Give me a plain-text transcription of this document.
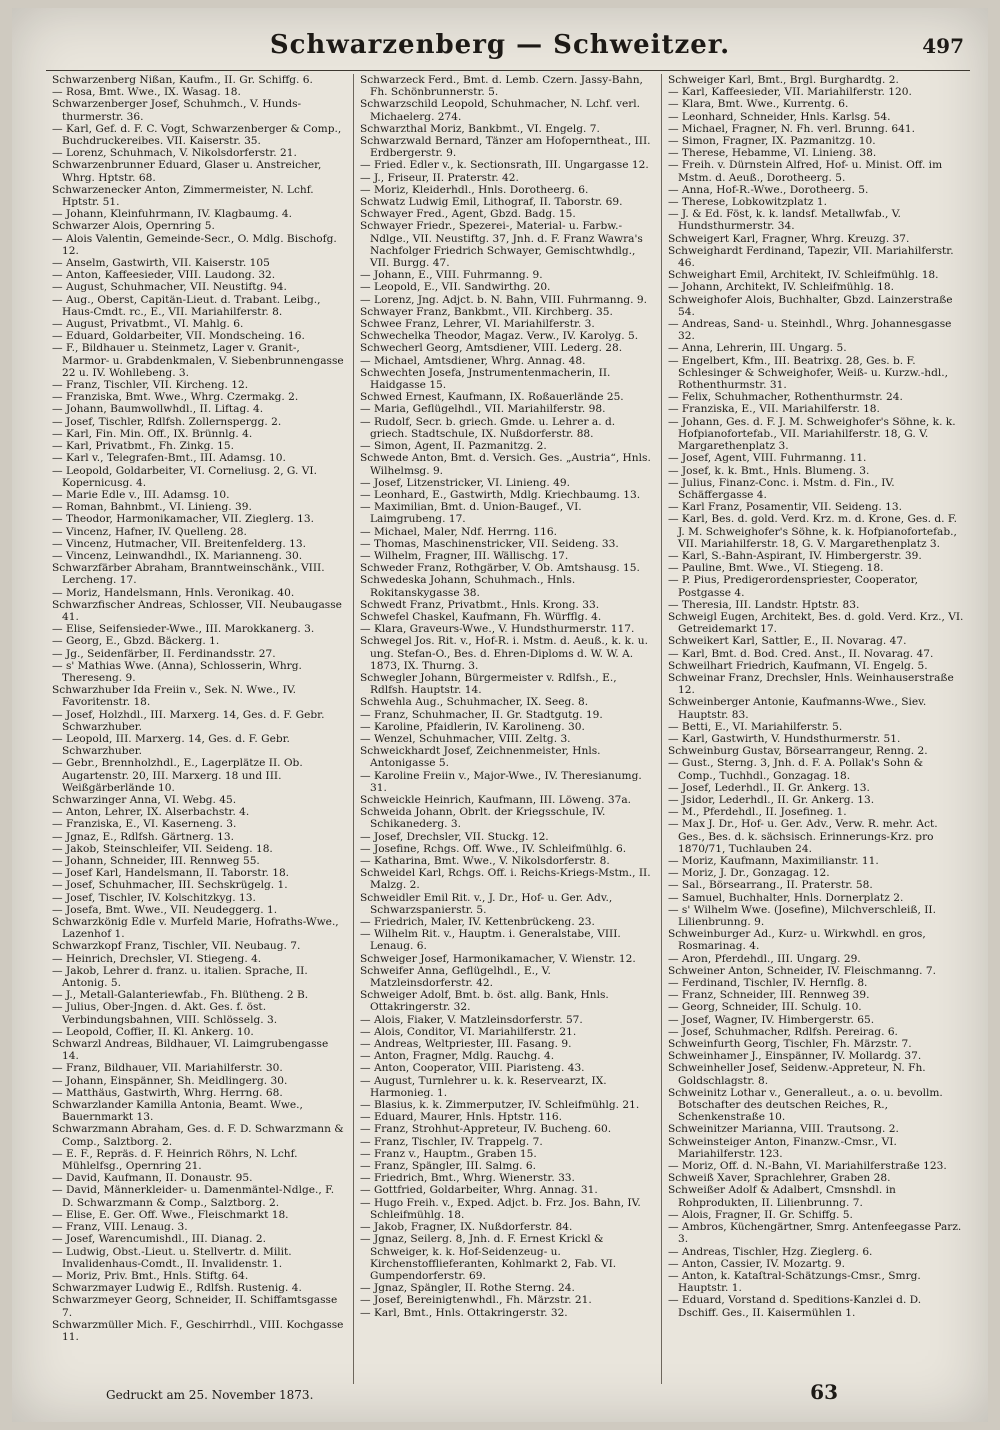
Schwarzenberg — Schweitzer.	497

Schwarzenberg Nißan, Kaufm., II. Gr. Schiffg. 6.

— Rosa, Bmt. Wwe., IX. Wasag. 18.

Schwarzenberger Josef, Schuhmch., V. Hunds-thurmerstr. 36.

— Karl, Gef. d. F. C. Vogt, Schwarzenberger & Comp., Buchdruckereibes. VII. Kaiserstr. 35.

— Lorenz, Schuhmach, V. Nikolsdorferstr. 21.

Schwarzenbrunner Eduard, Glaser u. Anstreicher, Whrg. Hptstr. 68.

Schwarzenecker Anton, Zimmermeister, N. Lchf. Hptstr. 51.

— Johann, Kleinfuhrmann, IV. Klagbaumg. 4.

Schwarzer Alois, Opernring 5.

— Alois Valentin, Gemeinde-Secr., O. Mdlg. Bischofg. 12.

— Anselm, Gastwirth, VII. Kaiserstr. 105

— Anton, Kaffeesieder, VIII. Laudong. 32.

— August, Schuhmacher, VII. Neustiftg. 94.

— Aug., Oberst, Capitän-Lieut. d. Trabant. Leibg., Haus-Cmdt. rc., E., VII. Mariahilferstr. 8.

— August, Privatbmt., VI. Mahlg. 6.

— Eduard, Goldarbeiter, VII. Mondscheing. 16.

— F., Bildhauer u. Steinmetz, Lager v. Granit-, Marmor- u. Grabdenkmalen, V. Siebenbrunnengasse 22 u. IV. Wohllebeng. 3.

— Franz, Tischler, VII. Kircheng. 12.

— Franziska, Bmt. Wwe., Whrg. Czermakg. 2.

— Johann, Baumwollwhdl., II. Liftag. 4.

— Josef, Tischler, Rdlfsh. Zollernspergg. 2.

— Karl, Fin. Min. Off., IX. Brünnlg. 4.

— Karl, Privatbmt., Fh. Zinkg. 15.

— Karl v., Telegrafen-Bmt., III. Adamsg. 10.

— Leopold, Goldarbeiter, VI. Corneliusg. 2, G. VI. Kopernicusg. 4.

— Marie Edle v., III. Adamsg. 10.

— Roman, Bahnbmt., VI. Linieng. 39.

— Theodor, Harmonikamacher, VII. Zieglerg. 13.

— Vincenz, Hafner, IV. Quelleng. 28.

— Vincenz, Hutmacher, VII. Breitenfelderg. 13.

— Vincenz, Leinwandhdl., IX. Marianneng. 30.

Schwarzfärber Abraham, Branntweinschänk., VIII. Lercheng. 17.

— Moriz, Handelsmann, Hnls. Veronikag. 40.

Schwarzfischer Andreas, Schlosser, VII. Neubaugasse 41.

— Elise, Seifensieder-Wwe., III. Marokkanerg. 3.

— Georg, E., Gbzd. Bäckerg. 1.

— Jg., Seidenfärber, II. Ferdinandsstr. 27.

— s' Mathias Wwe. (Anna), Schlosserin, Whrg. Thereseng. 9.

Schwarzhuber Ida Freiin v., Sek. N. Wwe., IV. Favoritenstr. 18.

— Josef, Holzhdl., III. Marxerg. 14, Ges. d. F. Gebr. Schwarzhuber.

— Leopold, III. Marxerg. 14, Ges. d. F. Gebr. Schwarzhuber.

— Gebr., Brennholzhdl., E., Lagerplätze II. Ob. Augartenstr. 20, III. Marxerg. 18 und III. Weißgärberlände 10.

Schwarzinger Anna, VI. Webg. 45.

— Anton, Lehrer, IX. Alserbachstr. 4.

— Franziska, E., VI. Kaserneng. 3.

— Jgnaz, E., Rdlfsh. Gärtnerg. 13.

— Jakob, Steinschleifer, VII. Seideng. 18.

— Johann, Schneider, III. Rennweg 55.

— Josef Karl, Handelsmann, II. Taborstr. 18.

— Josef, Schuhmacher, III. Sechskrügelg. 1.

— Josef, Tischler, IV. Kolschitzkyg. 13.

— Josefa, Bmt. Wwe., VII. Neudeggerg. 1.

Schwarzkönig Edle v. Murfeld Marie, Hofraths-Wwe., Lazenhof 1.

Schwarzkopf Franz, Tischler, VII. Neubaug. 7.

— Heinrich, Drechsler, VI. Stiegeng. 4.

— Jakob, Lehrer d. franz. u. italien. Sprache, II. Antonig. 5.

— J., Metall-Galanteriewfab., Fh. Blütheng. 2 B.

— Julius, Ober-Jngen. d. Akt. Ges. f. öst. Verbindungsbahnen, VIII. Schlösselg. 3.

— Leopold, Coffier, II. Kl. Ankerg. 10.

Schwarzl Andreas, Bildhauer, VI. Laimgrubengasse 14.

— Franz, Bildhauer, VII. Mariahilferstr. 30.

— Johann, Einspänner, Sh. Meidlingerg. 30.

— Matthäus, Gastwirth, Whrg. Herrng. 68.

Schwarzlander Kamilla Antonia, Beamt. Wwe., Bauernmarkt 13.

Schwarzmann Abraham, Ges. d. F. D. Schwarzmann & Comp., Salztborg. 2.

— E. F., Repräs. d. F. Heinrich Röhrs, N. Lchf. Mühlelfsg., Opernring 21.

— David, Kaufmann, II. Donaustr. 95.

— David, Männerkleider- u. Damenmäntel-Ndlge., F. D. Schwarzmann & Comp., Salztborg. 2.

— Elise, E. Ger. Off. Wwe., Fleischmarkt 18.

— Franz, VIII. Lenaug. 3.

— Josef, Warencumishdl., III. Dianag. 2.

— Ludwig, Obst.-Lieut. u. Stellvertr. d. Milit. Invalidenhaus-Comdt., II. Invalidenstr. 1.

— Moriz, Priv. Bmt., Hnls. Stiftg. 64.

Schwarzmayer Ludwig E., Rdlfsh. Rustenig. 4.

Schwarzmeyer Georg, Schneider, II. Schiffamtsgasse 7.

Schwarzmüller Mich. F., Geschirrhdl., VIII. Kochgasse 11.

Schwarzeck Ferd., Bmt. d. Lemb. Czern. Jassy-Bahn, Fh. Schönbrunnerstr. 5.

Schwarzschild Leopold, Schuhmacher, N. Lchf. verl. Michaelerg. 274.

Schwarzthal Moriz, Bankbmt., VI. Engelg. 7.

Schwarzwald Bernard, Tänzer am Hofoperntheat., III. Erdbergerstr. 9.

— Fried. Edler v., k. Sectionsrath, III. Ungargasse 12.

— J., Friseur, II. Praterstr. 42.

— Moriz, Kleiderhdl., Hnls. Dorotheerg. 6.

Schwatz Ludwig Emil, Lithograf, II. Taborstr. 69.

Schwayer Fred., Agent, Gbzd. Badg. 15.

Schwayer Friedr., Spezerei-, Material- u. Farbw.-Ndlge., VII. Neustiftg. 37, Jnh. d. F. Franz Wawra's Nachfolger Friedrich Schwayer, Gemischtwhdlg., VII. Burgg. 47.

— Johann, E., VIII. Fuhrmanng. 9.

— Leopold, E., VII. Sandwirthg. 20.

— Lorenz, Jng. Adjct. b. N. Bahn, VIII. Fuhrmanng. 9.

Schwayer Franz, Bankbmt., VII. Kirchberg. 35.

Schwee Franz, Lehrer, VI. Mariahilferstr. 3.

Schwechelka Theodor, Magaz. Verw., IV. Karolyg. 5.

Schwecherl Georg, Amtsdiener, VIII. Lederg. 28.

— Michael, Amtsdiener, Whrg. Annag. 48.

Schwechten Josefa, Jnstrumentenmacherin, II. Haidgasse 15.

Schwed Ernest, Kaufmann, IX. Roßauerlände 25.

— Maria, Geflügelhdl., VII. Mariahilferstr. 98.

— Rudolf, Secr. b. griech. Gmde. u. Lehrer a. d. griech. Stadtschule, IX. Nußdorferstr. 88.

— Simon, Agent, II. Pazmanitzg. 2.

Schwede Anton, Bmt. d. Versich. Ges. „Austria“, Hnls. Wilhelmsg. 9.

— Josef, Litzenstricker, VI. Linieng. 49.

— Leonhard, E., Gastwirth, Mdlg. Kriechbaumg. 13.

— Maximilian, Bmt. d. Union-Baugef., VI. Laimgrubeng. 17.

— Michael, Maler, Ndf. Herrng. 116.

— Thomas, Maschinenstricker, VII. Seideng. 33.

— Wilhelm, Fragner, III. Wällischg. 17.

Schweder Franz, Rothgärber, V. Ob. Amtshausg. 15.

Schwedeska Johann, Schuhmach., Hnls. Rokitanskygasse 38.

Schwedt Franz, Privatbmt., Hnls. Krong. 33.

Schwefel Chaskel, Kaufmann, Fh. Würfflg. 4.

— Klara, Graveurs-Wwe., V. Hundsthurmerstr. 117.

Schwegel Jos. Rit. v., Hof-R. i. Mstm. d. Aeuß., k. k. u. ung. Stefan-O., Bes. d. Ehren-Diploms d. W. W. A. 1873, IX. Thurng. 3.

Schwegler Johann, Bürgermeister v. Rdlfsh., E., Rdlfsh. Hauptstr. 14.

Schwehla Aug., Schuhmacher, IX. Seeg. 8.

— Franz, Schuhmacher, II. Gr. Stadtgutg. 19.

— Karoline, Pfaidlerin, IV. Karolineng. 30.

— Wenzel, Schuhmacher, VIII. Zeltg. 3.

Schweickhardt Josef, Zeichnenmeister, Hnls. Antonigasse 5.

— Karoline Freiin v., Major-Wwe., IV. Theresianumg. 31.

Schweickle Heinrich, Kaufmann, III. Löweng. 37a.

Schweida Johann, Obrlt. der Kriegsschule, IV. Schikanederg. 3.

— Josef, Drechsler, VII. Stuckg. 12.

— Josefine, Rchgs. Off. Wwe., IV. Schleifmühlg. 6.

— Katharina, Bmt. Wwe., V. Nikolsdorferstr. 8.

Schweidel Karl, Rchgs. Off. i. Reichs-Kriegs-Mstm., II. Malzg. 2.

Schweidler Emil Rit. v., J. Dr., Hof- u. Ger. Adv., Schwarzspanierstr. 5.

— Friedrich, Maler, IV. Kettenbrückeng. 23.

— Wilhelm Rit. v., Hauptm. i. Generalstabe, VIII. Lenaug. 6.

Schweiger Josef, Harmonikamacher, V. Wienstr. 12.

Schweifer Anna, Geflügelhdl., E., V. Matzleinsdorferstr. 42.

Schweiger Adolf, Bmt. b. öst. allg. Bank, Hnls. Ottakringerstr. 32.

— Alois, Fiaker, V. Matzleinsdorferstr. 57.

— Alois, Conditor, VI. Mariahilferstr. 21.

— Andreas, Weltpriester, III. Fasang. 9.

— Anton, Fragner, Mdlg. Rauchg. 4.

— Anton, Cooperator, VIII. Piaristeng. 43.

— August, Turnlehrer u. k. k. Reservearzt, IX. Harmonieg. 1.

— Blasius, k. k. Zimmerputzer, IV. Schleifmühlg. 21.

— Eduard, Maurer, Hnls. Hptstr. 116.

— Franz, Strohhut-Appreteur, IV. Bucheng. 60.

— Franz, Tischler, IV. Trappelg. 7.

— Franz v., Hauptm., Graben 15.

— Franz, Spängler, III. Salmg. 6.

— Friedrich, Bmt., Whrg. Wienerstr. 33.

— Gottfried, Goldarbeiter, Whrg. Annag. 31.

— Hugo Freih. v., Exped. Adjct. b. Frz. Jos. Bahn, IV. Schleifmühlg. 18.

— Jakob, Fragner, IX. Nußdorferstr. 84.

— Jgnaz, Seilerg. 8, Jnh. d. F. Ernest Krickl & Schweiger, k. k. Hof-Seidenzeug- u. Kirchenstofflieferanten, Kohlmarkt 2, Fab. VI. Gumpendorferstr. 69.

— Jgnaz, Spängler, II. Rothe Sterng. 24.

— Josef, Bereinigtenwhdl., Fh. Märzstr. 21.

— Karl, Bmt., Hnls. Ottakringerstr. 32.

Schweiger Karl, Bmt., Brgl. Burghardtg. 2.

— Karl, Kaffeesieder, VII. Mariahilferstr. 120.

— Klara, Bmt. Wwe., Kurrentg. 6.

— Leonhard, Schneider, Hnls. Karlsg. 54.

— Michael, Fragner, N. Fh. verl. Brunng. 641.

— Simon, Fragner, IX. Pazmanitzg. 10.

— Therese, Hebamme, VI. Linieng. 38.

— Freih. v. Dürnstein Alfred, Hof- u. Minist. Off. im Mstm. d. Aeuß., Dorotheerg. 5.

— Anna, Hof-R.-Wwe., Dorotheerg. 5.

— Therese, Lobkowitzplatz 1.

— J. & Ed. Föst, k. k. landsf. Metallwfab., V. Hundsthurmerstr. 34.

Schweigert Karl, Fragner, Whrg. Kreuzg. 37.

Schweighardt Ferdinand, Tapezir, VII. Mariahilferstr. 46.

Schweighart Emil, Architekt, IV. Schleifmühlg. 18.

— Johann, Architekt, IV. Schleifmühlg. 18.

Schweighofer Alois, Buchhalter, Gbzd. Lainzerstraße 54.

— Andreas, Sand- u. Steinhdl., Whrg. Johannesgasse 32.

— Anna, Lehrerin, III. Ungarg. 5.

— Engelbert, Kfm., III. Beatrixg. 28, Ges. b. F. Schlesinger & Schweighofer, Weiß- u. Kurzw.-hdl., Rothenthurmstr. 31.

— Felix, Schuhmacher, Rothenthurmstr. 24.

— Franziska, E., VII. Mariahilferstr. 18.

— Johann, Ges. d. F. J. M. Schweighofer's Söhne, k. k. Hofpianofortefab., VII. Mariahilferstr. 18, G. V. Margarethenplatz 3.

— Josef, Agent, VIII. Fuhrmanng. 11.

— Josef, k. k. Bmt., Hnls. Blumeng. 3.

— Julius, Finanz-Conc. i. Mstm. d. Fin., IV. Schäffergasse 4.

— Karl Franz, Posamentir, VII. Seideng. 13.

— Karl, Bes. d. gold. Verd. Krz. m. d. Krone, Ges. d. F. J. M. Schweighofer's Söhne, k. k. Hofpianofortefab., VII. Mariahilferstr. 18, G. V. Margarethenplatz 3.

— Karl, S.-Bahn-Aspirant, IV. Himbergerstr. 39.

— Pauline, Bmt. Wwe., VI. Stiegeng. 18.

— P. Pius, Predigerordenspriester, Cooperator, Postgasse 4.

— Theresia, III. Landstr. Hptstr. 83.

Schweigl Eugen, Architekt, Bes. d. gold. Verd. Krz., VI. Getreidemarkt 17.

Schweikert Karl, Sattler, E., II. Novarag. 47.

— Karl, Bmt. d. Bod. Cred. Anst., II. Novarag. 47.

Schweilhart Friedrich, Kaufmann, VI. Engelg. 5.

Schweinar Franz, Drechsler, Hnls. Weinhauserstraße 12.

Schweinberger Antonie, Kaufmanns-Wwe., Siev. Hauptstr. 83.

— Betti, E., VI. Mariahilferstr. 5.

— Karl, Gastwirth, V. Hundsthurmerstr. 51.

Schweinburg Gustav, Börsearrangeur, Renng. 2.

— Gust., Sterng. 3, Jnh. d. F. A. Pollak's Sohn & Comp., Tuchhdl., Gonzagag. 18.

— Josef, Lederhdl., II. Gr. Ankerg. 13.

— Jsidor, Lederhdl., II. Gr. Ankerg. 13.

— M., Pferdehdl., II. Josefineg. 1.

— Max J. Dr., Hof- u. Ger. Adv., Verw. R. mehr. Act. Ges., Bes. d. k. sächsisch. Erinnerungs-Krz. pro 1870/71, Tuchlauben 24.

— Moriz, Kaufmann, Maximilianstr. 11.

— Moriz, J. Dr., Gonzagag. 12.

— Sal., Börsearrang., II. Praterstr. 58.

— Samuel, Buchhalter, Hnls. Dornerplatz 2.

— s' Wilhelm Wwe. (Josefine), Milchverschleiß, II. Lilienbrunng. 9.

Schweinburger Ad., Kurz- u. Wirkwhdl. en gros, Rosmarinag. 4.

— Aron, Pferdehdl., III. Ungarg. 29.

Schweiner Anton, Schneider, IV. Fleischmanng. 7.

— Ferdinand, Tischler, IV. Hernflg. 8.

— Franz, Schneider, III. Rennweg 39.

— Georg, Schneider, III. Schulg. 10.

— Josef, Wagner, IV. Himbergerstr. 65.

— Josef, Schuhmacher, Rdlfsh. Pereirag. 6.

Schweinfurth Georg, Tischler, Fh. Märzstr. 7.

Schweinhamer J., Einspänner, IV. Mollardg. 37.

Schweinheller Josef, Seidenw.-Appreteur, N. Fh. Goldschlagstr. 8.

Schweinitz Lothar v., Generalleut., a. o. u. bevollm. Botschafter des deutschen Reiches, R., Schenkenstraße 10.

Schweinitzer Marianna, VIII. Trautsong. 2.

Schweinsteiger Anton, Finanzw.-Cmsr., VI. Mariahilferstr. 123.

— Moriz, Off. d. N.-Bahn, VI. Mariahilferstraße 123.

Schweiß Xaver, Sprachlehrer, Graben 28.

Schweißer Adolf & Adalbert, Cmsnshdl. in Rohprodukten, II. Lilienbrunng. 7.

— Alois, Fragner, II. Gr. Schiffg. 5.

— Ambros, Küchengärtner, Smrg. Antenfeegasse Parz. 3.

— Andreas, Tischler, Hzg. Zieglerg. 6.

— Anton, Cassier, IV. Mozartg. 9.

— Anton, k. Kataſtral-Schätzungs-Cmsr., Smrg. Hauptstr. 1.

— Eduard, Vorstand d. Speditions-Kanzlei d. D. Dschiff. Ges., II. Kaisermühlen 1.

Gedruckt am 25. November 1873.	63
